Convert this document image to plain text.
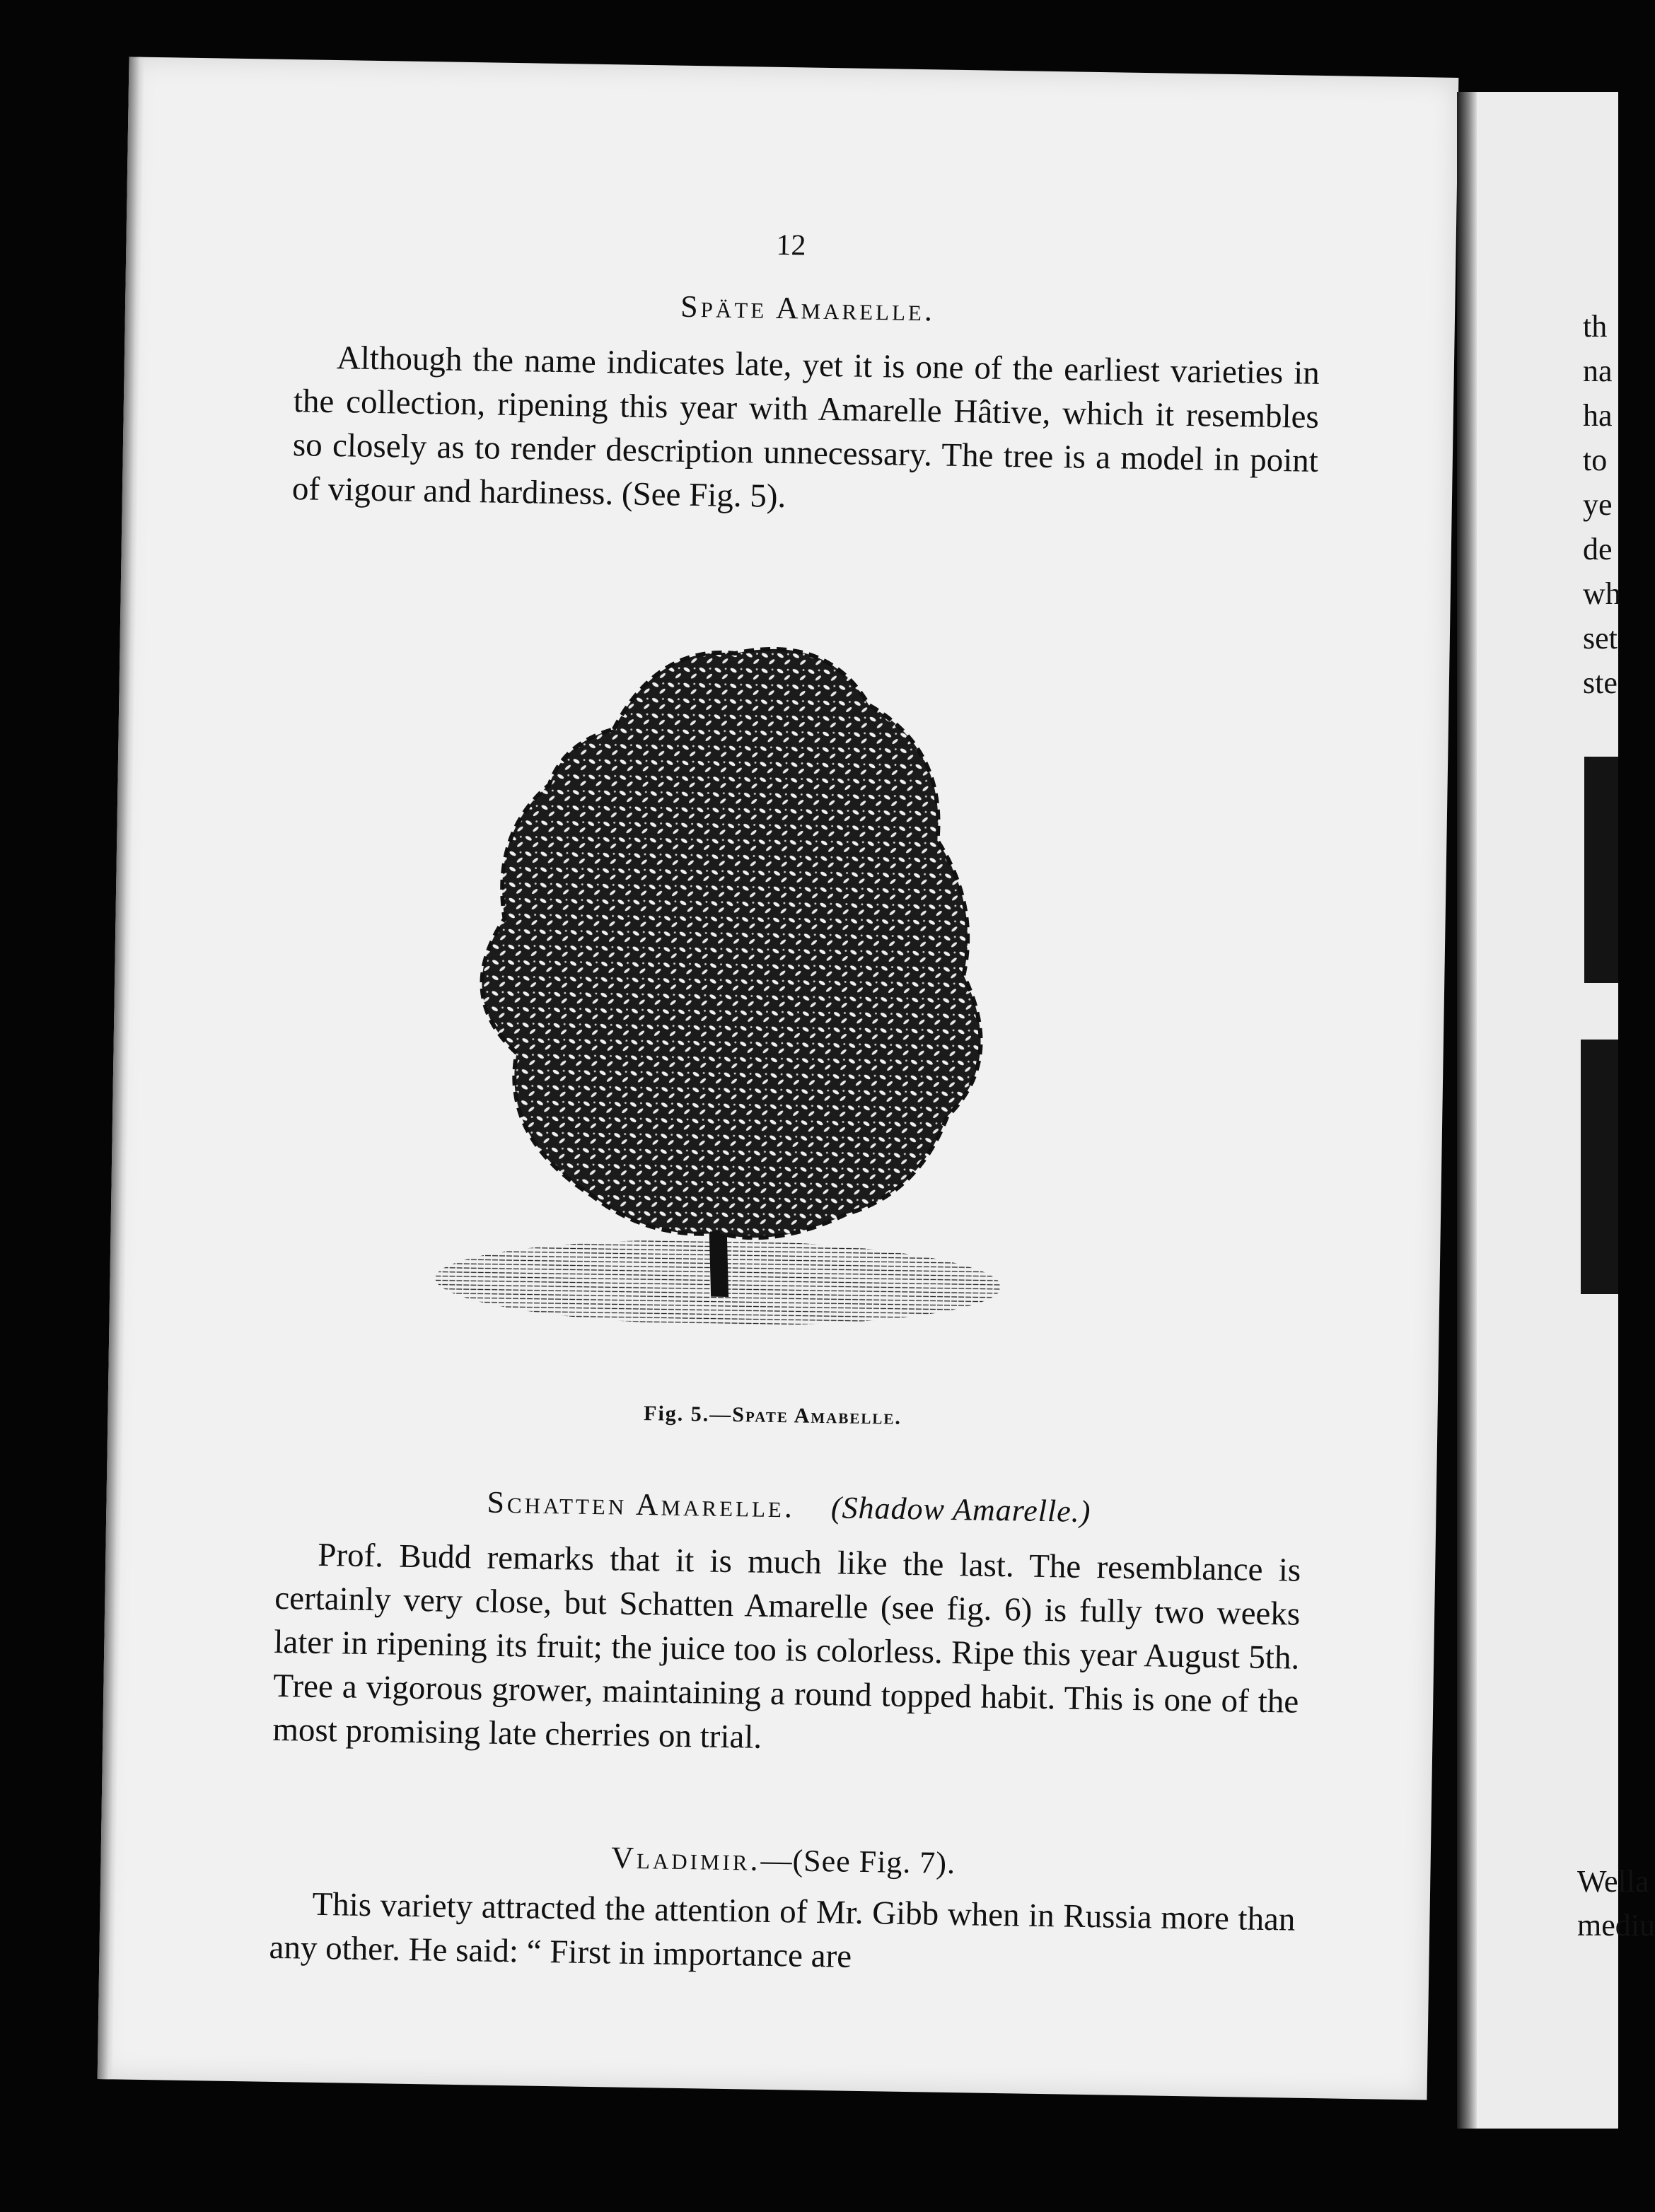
12
Späte Amarelle.

Although the name indicates late, yet it is one of the earliest varieties in the collection, ripening this year with Amarelle Hâtive, which it resembles so closely as to render description unnecessary. The tree is a model in point of vigour and hardiness. (See Fig. 5).

Fig. 5.—Spate Amabelle.
Schatten Amarelle. (Shadow Amarelle.)

Prof. Budd remarks that it is much like the last. The resemblance is certainly very close, but Schatten Amarelle (see fig. 6) is fully two weeks later in ripening its fruit; the juice too is colorless. Ripe this year August 5th. Tree a vigorous grower, maintaining a round topped habit. This is one of the most promising late cherries on trial.

Vladimir.—(See Fig. 7).

This variety attracted the attention of Mr. Gibb when in Russia more than any other. He said: “ First in importance are

th
na
ha
to
ye
de
wh
set
ste
Wella
mediu
